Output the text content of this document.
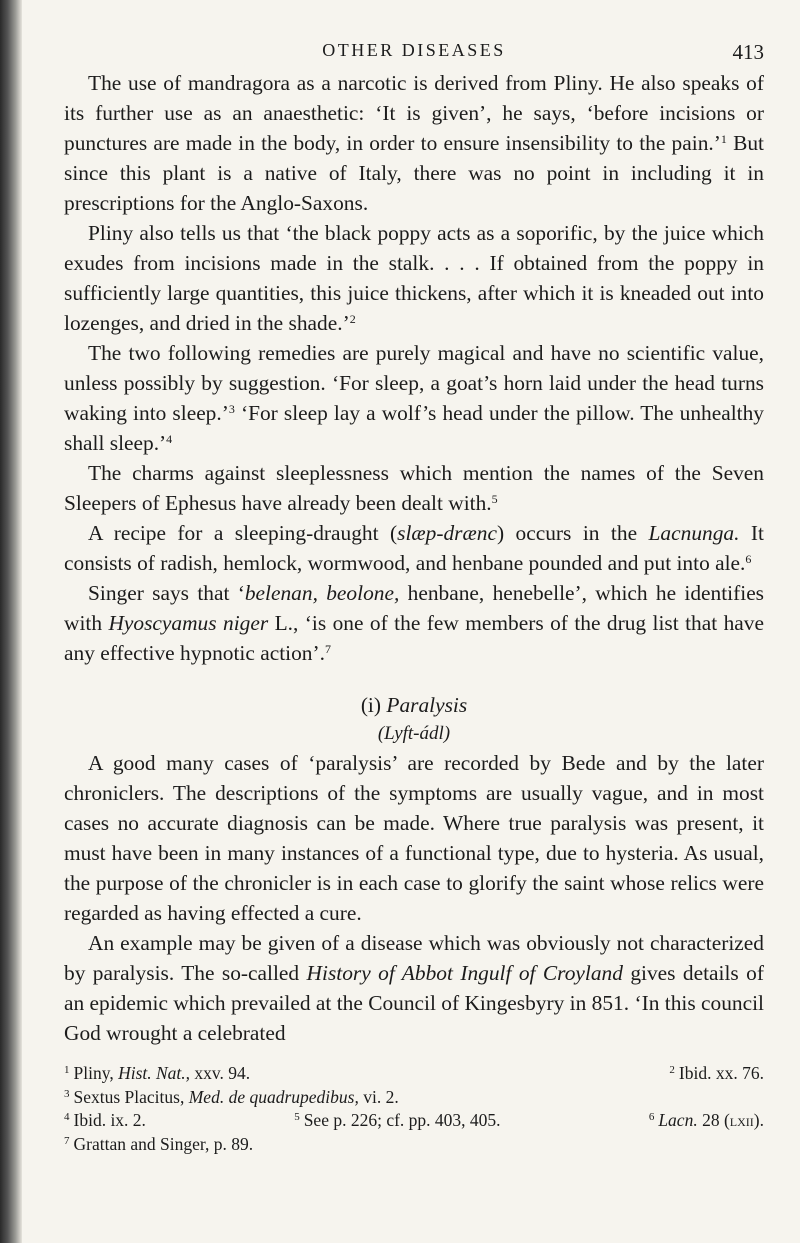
OTHER DISEASES	413

The use of mandragora as a narcotic is derived from Pliny. He also speaks of its further use as an anaesthetic: ‘It is given’, he says, ‘before incisions or punctures are made in the body, in order to ensure insensibility to the pain.’$^1$ But since this plant is a native of Italy, there was no point in including it in prescriptions for the Anglo-Saxons.

Pliny also tells us that ‘the black poppy acts as a soporific, by the juice which exudes from incisions made in the stalk. . . . If obtained from the poppy in sufficiently large quantities, this juice thickens, after which it is kneaded out into lozenges, and dried in the shade.’$^2$

The two following remedies are purely magical and have no scientific value, unless possibly by suggestion. ‘For sleep, a goat’s horn laid under the head turns waking into sleep.’$^3$ ‘For sleep lay a wolf’s head under the pillow. The unhealthy shall sleep.’$^4$

The charms against sleeplessness which mention the names of the Seven Sleepers of Ephesus have already been dealt with.$^5$

A recipe for a sleeping-draught (slæp-drænc) occurs in the Lacnunga. It consists of radish, hemlock, wormwood, and henbane pounded and put into ale.$^6$

Singer says that ‘belenan, beolone, henbane, henebelle’, which he identifies with Hyoscyamus niger L., ‘is one of the few members of the drug list that have any effective hypnotic action’.$^7$

(i) Paralysis
(Lyft-ádl)

A good many cases of ‘paralysis’ are recorded by Bede and by the later chroniclers. The descriptions of the symptoms are usually vague, and in most cases no accurate diagnosis can be made. Where true paralysis was present, it must have been in many instances of a functional type, due to hysteria. As usual, the purpose of the chronicler is in each case to glorify the saint whose relics were regarded as having effected a cure.

An example may be given of a disease which was obviously not characterized by paralysis. The so-called History of Abbot Ingulf of Croyland gives details of an epidemic which prevailed at the Council of Kingesbyry in 851. ‘In this council God wrought a celebrated

$^1$ Pliny, Hist. Nat., xxv. 94.	$^2$ Ibid. xx. 76.
$^3$ Sextus Placitus, Med. de quadrupedibus, vi. 2.
$^4$ Ibid. ix. 2.	$^5$ See p. 226; cf. pp. 403, 405.	$^6$ Lacn. 28 (lxii).
$^7$ Grattan and Singer, p. 89.
